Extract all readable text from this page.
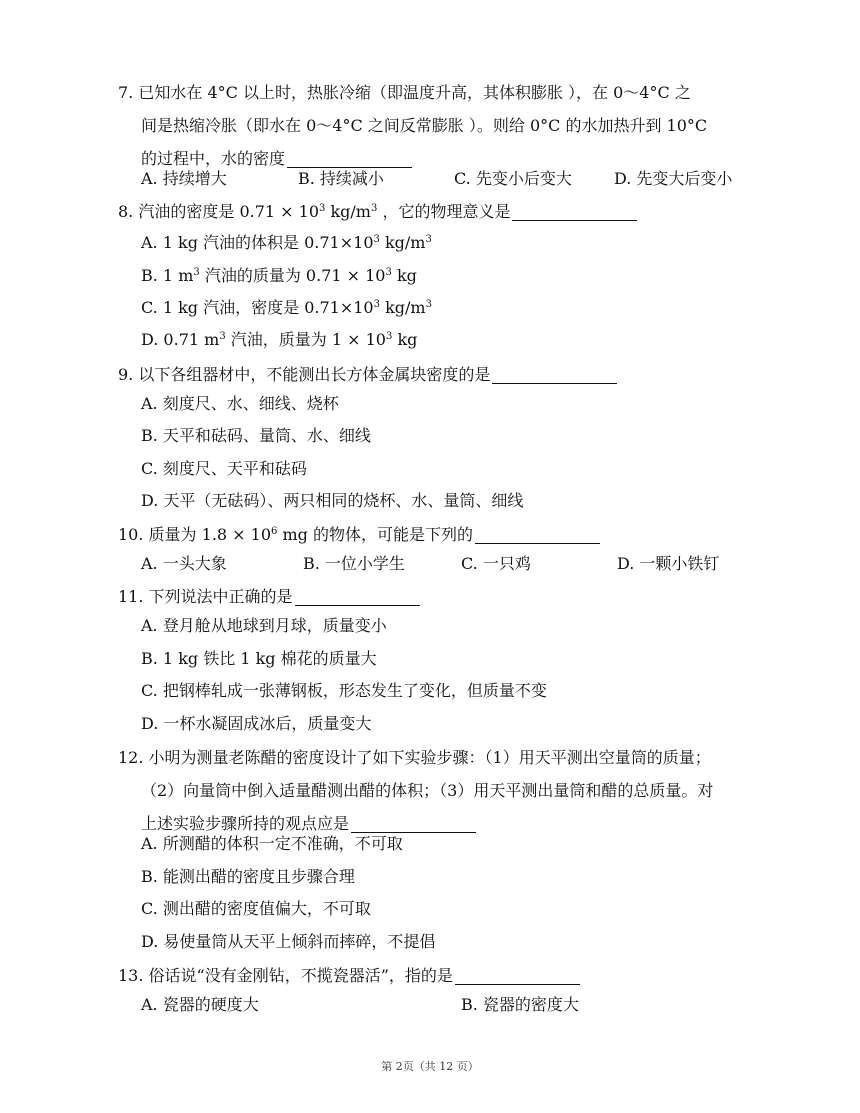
7. 已知水在 4°C 以上时，热胀冷缩（即温度升高，其体积膨胀 ），在 0～4°C 之
间是热缩冷胀（即水在 0～4°C 之间反常膨胀 ）。则给 0°C 的水加热升到 10°C
的过程中，水的密度
A. 持续增大	B. 持续减小	C. 先变小后变大	D. 先变大后变小
8. 汽油的密度是 $0.71 \times 10^3$ $kg/m^3$ ，它的物理意义是
A. 1 kg 汽油的体积是 $0.71\times 10^3$ $kg/m^3$
B. 1 $m^3$ 汽油的质量为 $0.71 \times 10^3$ kg
C. 1 kg 汽油，密度是 $0.71\times 10^3$ $kg/m^3$
D. 0.71 $m^3$ 汽油，质量为 $1 \times 10^3$ kg
9. 以下各组器材中，不能测出长方体金属块密度的是
A. 刻度尺、水、细线、烧杯
B. 天平和砝码、量筒、水、细线
C. 刻度尺、天平和砝码
D. 天平（无砝码）、两只相同的烧杯、水、量筒、细线
10. 质量为 $1.8 \times 10^6$ mg 的物体，可能是下列的
A. 一头大象	B. 一位小学生	C. 一只鸡	D. 一颗小铁钉
11. 下列说法中正确的是
A. 登月舱从地球到月球，质量变小
B. 1 kg 铁比 1 kg 棉花的质量大
C. 把钢棒轧成一张薄钢板，形态发生了变化，但质量不变
D. 一杯水凝固成冰后，质量变大
12. 小明为测量老陈醋的密度设计了如下实验步骤：（1）用天平测出空量筒的质量；
（2）向量筒中倒入适量醋测出醋的体积；（3）用天平测出量筒和醋的总质量。对
上述实验步骤所持的观点应是
A. 所测醋的体积一定不准确，不可取
B. 能测出醋的密度且步骤合理
C. 测出醋的密度值偏大，不可取
D. 易使量筒从天平上倾斜而摔碎，不提倡
13. 俗话说“没有金刚钻，不揽瓷器活”，指的是
A. 瓷器的硬度大	B. 瓷器的密度大
第 2页（共 12 页）
